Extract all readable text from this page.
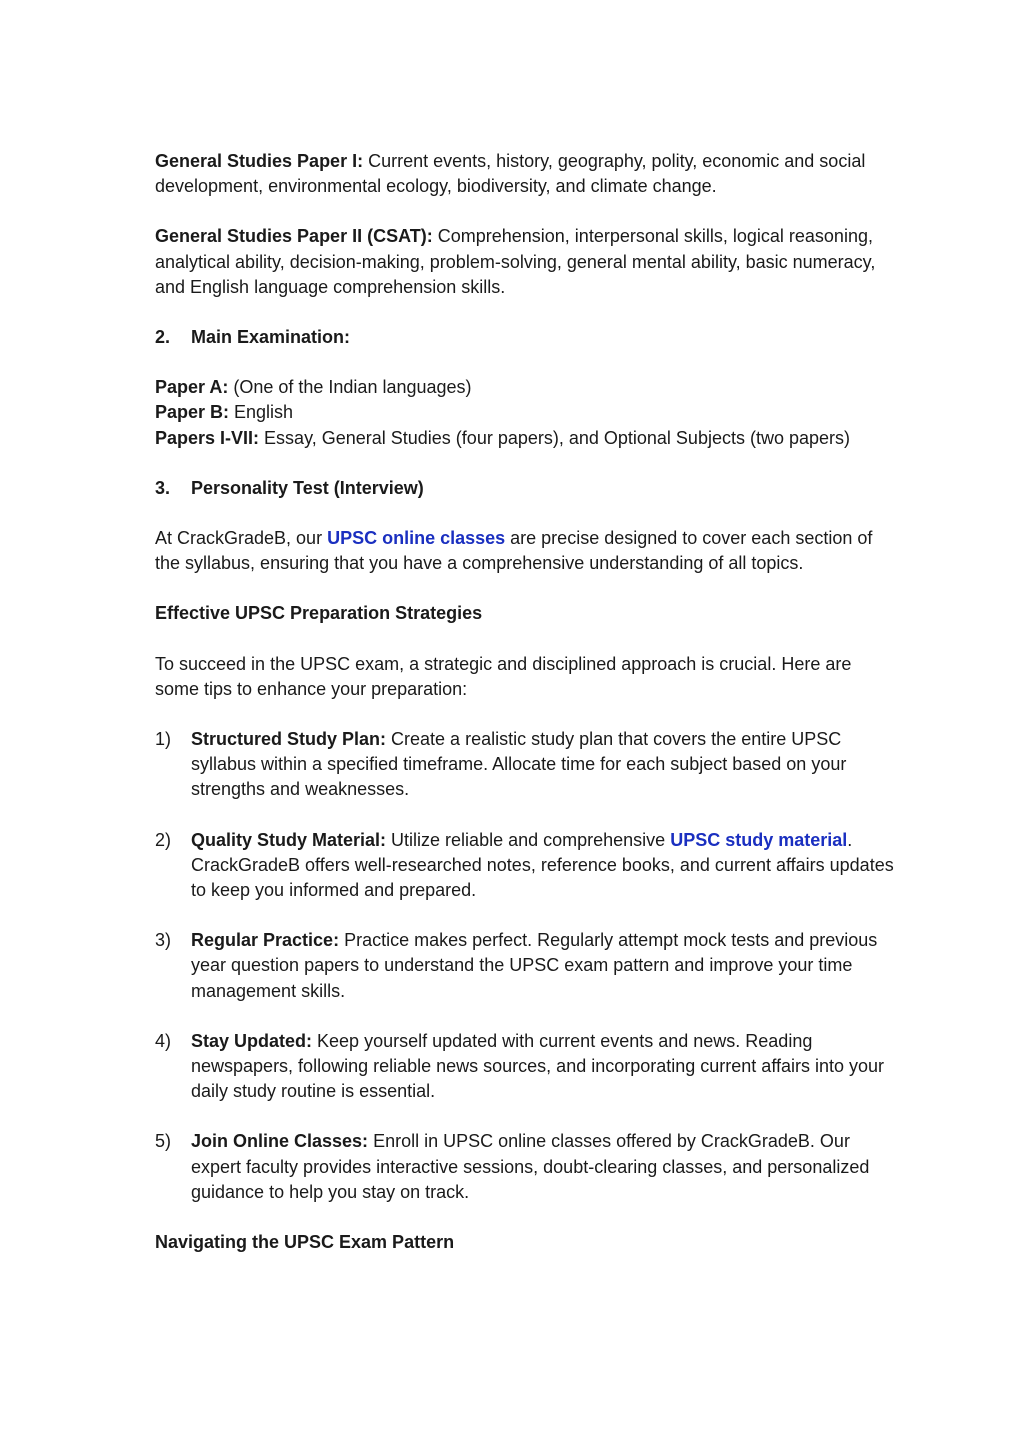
General Studies Paper I: Current events, history, geography, polity, economic and social development, environmental ecology, biodiversity, and climate change.

General Studies Paper II (CSAT): Comprehension, interpersonal skills, logical reasoning, analytical ability, decision-making, problem-solving, general mental ability, basic numeracy, and English language comprehension skills.

2.	Main Examination:
Paper A: (One of the Indian languages)
Paper B: English
Papers I-VII: Essay, General Studies (four papers), and Optional Subjects (two papers)
3.	Personality Test (Interview)

At CrackGradeB, our UPSC online classes are precise designed to cover each section of the syllabus, ensuring that you have a comprehensive understanding of all topics.

Effective UPSC Preparation Strategies

To succeed in the UPSC exam, a strategic and disciplined approach is crucial. Here are some tips to enhance your preparation:

1)	Structured Study Plan: Create a realistic study plan that covers the entire UPSC syllabus within a specified timeframe. Allocate time for each subject based on your strengths and weaknesses.
2)	Quality Study Material: Utilize reliable and comprehensive UPSC study material. CrackGradeB offers well-researched notes, reference books, and current affairs updates to keep you informed and prepared.
3)	Regular Practice: Practice makes perfect. Regularly attempt mock tests and previous year question papers to understand the UPSC exam pattern and improve your time management skills.
4)	Stay Updated: Keep yourself updated with current events and news. Reading newspapers, following reliable news sources, and incorporating current affairs into your daily study routine is essential.
5)	Join Online Classes: Enroll in UPSC online classes offered by CrackGradeB. Our expert faculty provides interactive sessions, doubt-clearing classes, and personalized guidance to help you stay on track.

Navigating the UPSC Exam Pattern
